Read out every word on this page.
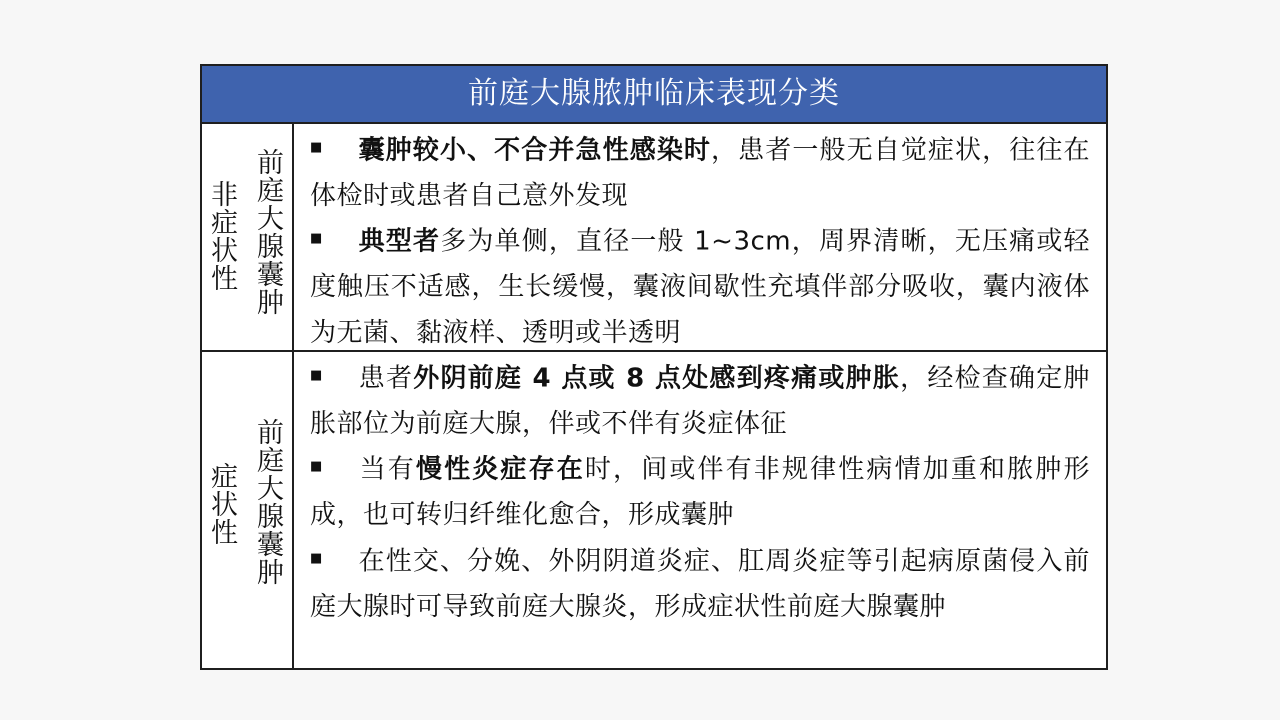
前庭大腺脓肿临床表现分类
非症状性 前庭大腺囊肿
■ 囊肿较小、不合并急性感染时，患者一般无自觉症状，往往在体检时或患者自己意外发现
■ 典型者多为单侧，直径一般 1~3cm，周界清晰，无压痛或轻度触压不适感，生长缓慢，囊液间歇性充填伴部分吸收，囊内液体为无菌、黏液样、透明或半透明
症状性 前庭大腺囊肿
■ 患者外阴前庭 4 点或 8 点处感到疼痛或肿胀，经检查确定肿胀部位为前庭大腺，伴或不伴有炎症体征
■ 当有慢性炎症存在时，间或伴有非规律性病情加重和脓肿形成，也可转归纤维化愈合，形成囊肿
■ 在性交、分娩、外阴阴道炎症、肛周炎症等引起病原菌侵入前庭大腺时可导致前庭大腺炎，形成症状性前庭大腺囊肿
